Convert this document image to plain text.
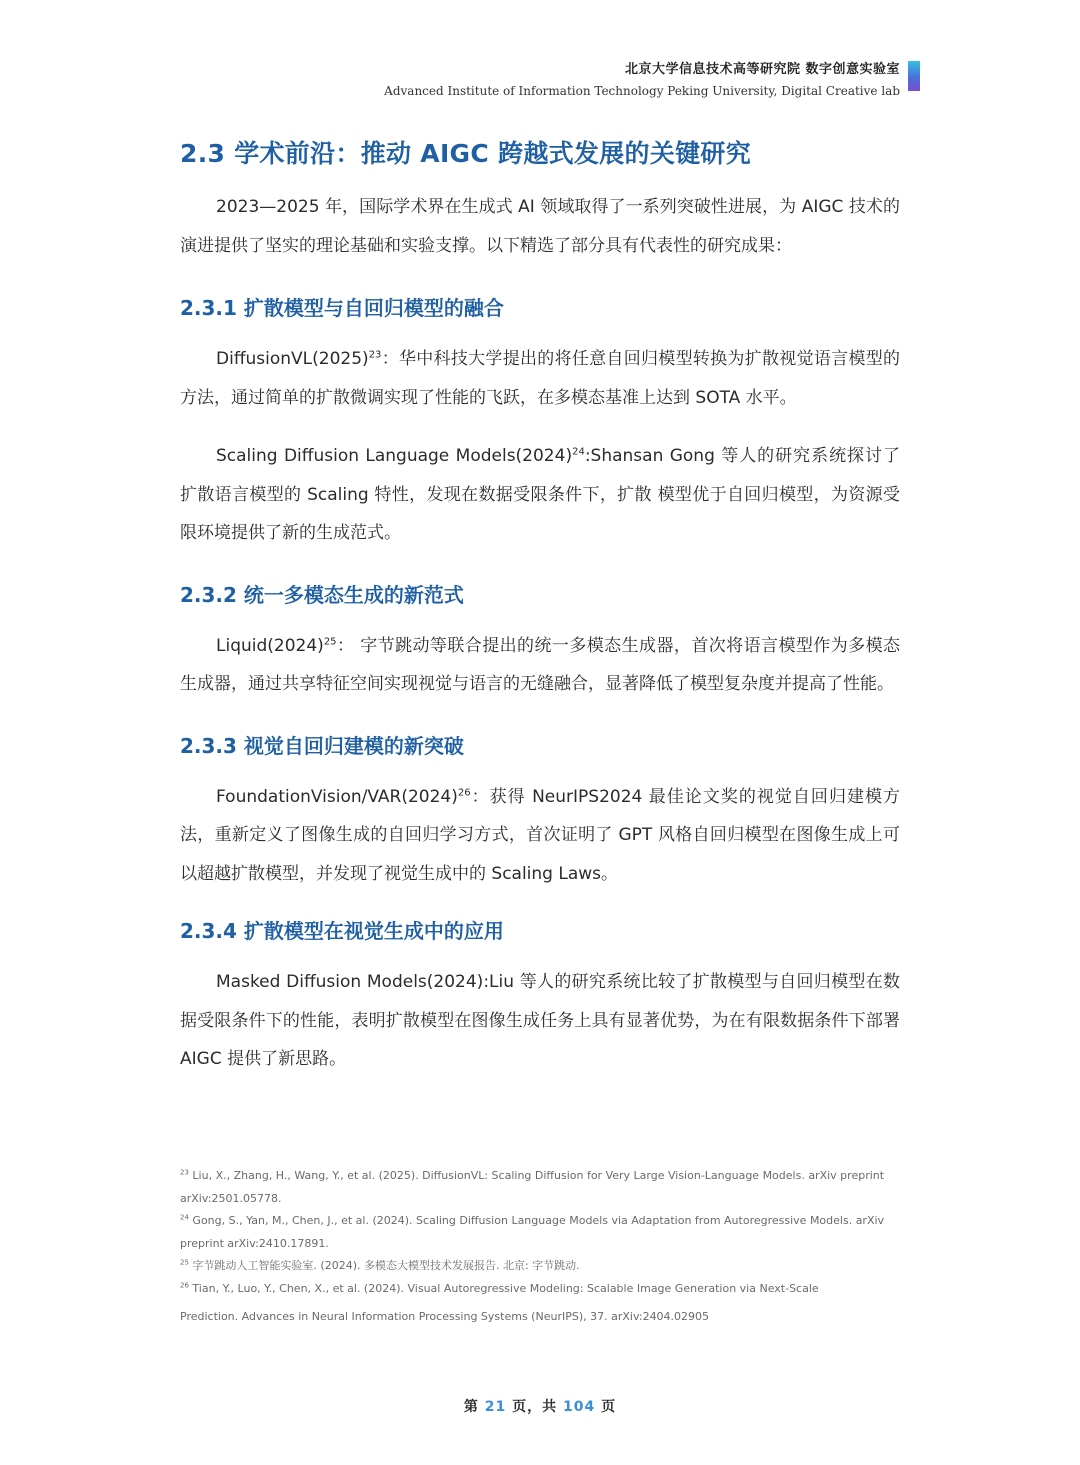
北京大学信息技术高等研究院 数字创意实验室
Advanced Institute of Information Technology Peking University, Digital Creative lab
2.3 学术前沿：推动 AIGC 跨越式发展的关键研究

2023—2025 年，国际学术界在生成式 AI 领域取得了一系列突破性进展，为 AIGC 技术的演进提供了坚实的理论基础和实验支撑。以下精选了部分具有代表性的研究成果：

2.3.1 扩散模型与自回归模型的融合

$DiffusionVL(2025)^{23}$：华中科技大学提出的将任意自回归模型转换为扩散视觉语言模型的方法，通过简单的扩散微调实现了性能的飞跃，在多模态基准上达到 SOTA 水平。

Scaling Diffusion Language $Models(2024)^{24}:Shansan$ Gong 等人的研究系统探讨了扩散语言模型的 Scaling 特性，发现在数据受限条件下，扩散 模型优于自回归模型，为资源受限环境提供了新的生成范式。

2.3.2 统一多模态生成的新范式

$Liquid(2024)^{25}$： 字节跳动等联合提出的统一多模态生成器，首次将语言模型作为多模态生成器，通过共享特征空间实现视觉与语言的无缝融合，显著降低了模型复杂度并提高了性能。

2.3.3 视觉自回归建模的新突破

FoundationVision/$VAR(2024)^{26}$：获得 NeurIPS2024 最佳论文奖的视觉自回归建模方法，重新定义了图像生成的自回归学习方式，首次证明了 GPT 风格自回归模型在图像生成上可以超越扩散模型，并发现了视觉生成中的 Scaling Laws。

2.3.4 扩散模型在视觉生成中的应用

Masked Diffusion Models(2024):Liu 等人的研究系统比较了扩散模型与自回归模型在数据受限条件下的性能，表明扩散模型在图像生成任务上具有显著优势，为在有限数据条件下部署 AIGC 提供了新思路。

$^{23}$ Liu, X., Zhang, H., Wang, Y., et al. (2025). DiffusionVL: Scaling Diffusion for Very Large Vision-Language Models. arXiv preprint
arXiv:2501.05778.

$^{24}$ Gong, S., Yan, M., Chen, J., et al. (2024). Scaling Diffusion Language Models via Adaptation from Autoregressive Models. arXiv
preprint arXiv:2410.17891.

$^{25}$ 字节跳动人工智能实验室. (2024). 多模态大模型技术发展报告. 北京: 字节跳动.

$^{26}$ Tian, Y., Luo, Y., Chen, X., et al. (2024). Visual Autoregressive Modeling: Scalable Image Generation via Next-Scale
Prediction. Advances in Neural Information Processing Systems (NeurIPS), 37. arXiv:2404.02905

第 21 页，共 104 页
